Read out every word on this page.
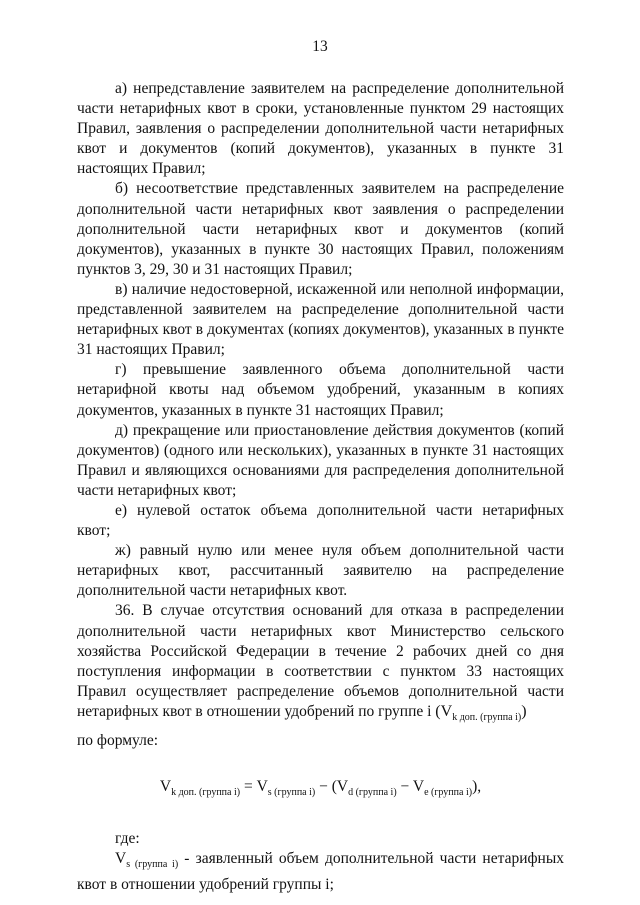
13

а) непредставление заявителем на распределение дополнительной части нетарифных квот в сроки, установленные пунктом 29 настоящих Правил, заявления о распределении дополнительной части нетарифных квот и документов (копий документов), указанных в пункте 31 настоящих Правил;

б) несоответствие представленных заявителем на распределение дополнительной части нетарифных квот заявления о распределении дополнительной части нетарифных квот и документов (копий документов), указанных в пункте 30 настоящих Правил, положениям пунктов 3, 29, 30 и 31 настоящих Правил;

в) наличие недостоверной, искаженной или неполной информации, представленной заявителем на распределение дополнительной части нетарифных квот в документах (копиях документов), указанных в пункте 31 настоящих Правил;

г) превышение заявленного объема дополнительной части нетарифной квоты над объемом удобрений, указанным в копиях документов, указанных в пункте 31 настоящих Правил;

д) прекращение или приостановление действия документов (копий документов) (одного или нескольких), указанных в пункте 31 настоящих Правил и являющихся основаниями для распределения дополнительной части нетарифных квот;

е) нулевой остаток объема дополнительной части нетарифных квот;

ж) равный нулю или менее нуля объем дополнительной части нетарифных квот, рассчитанный заявителю на распределение дополнительной части нетарифных квот.

36. В случае отсутствия оснований для отказа в распределении дополнительной части нетарифных квот Министерство сельского хозяйства Российской Федерации в течение 2 рабочих дней со дня поступления информации в соответствии с пунктом 33 настоящих Правил осуществляет распределение объемов дополнительной части нетарифных квот в отношении удобрений по группе i $(V_{k доп. (группа i)})$

по формуле:

$V_{k доп. (группа i)} = V_{s (группа i)} - (V_{d (группа i)} - V_{e (группа i)})$,

где:

$V_{s (группа i)}$ - заявленный объем дополнительной части нетарифных квот в отношении удобрений группы i;
